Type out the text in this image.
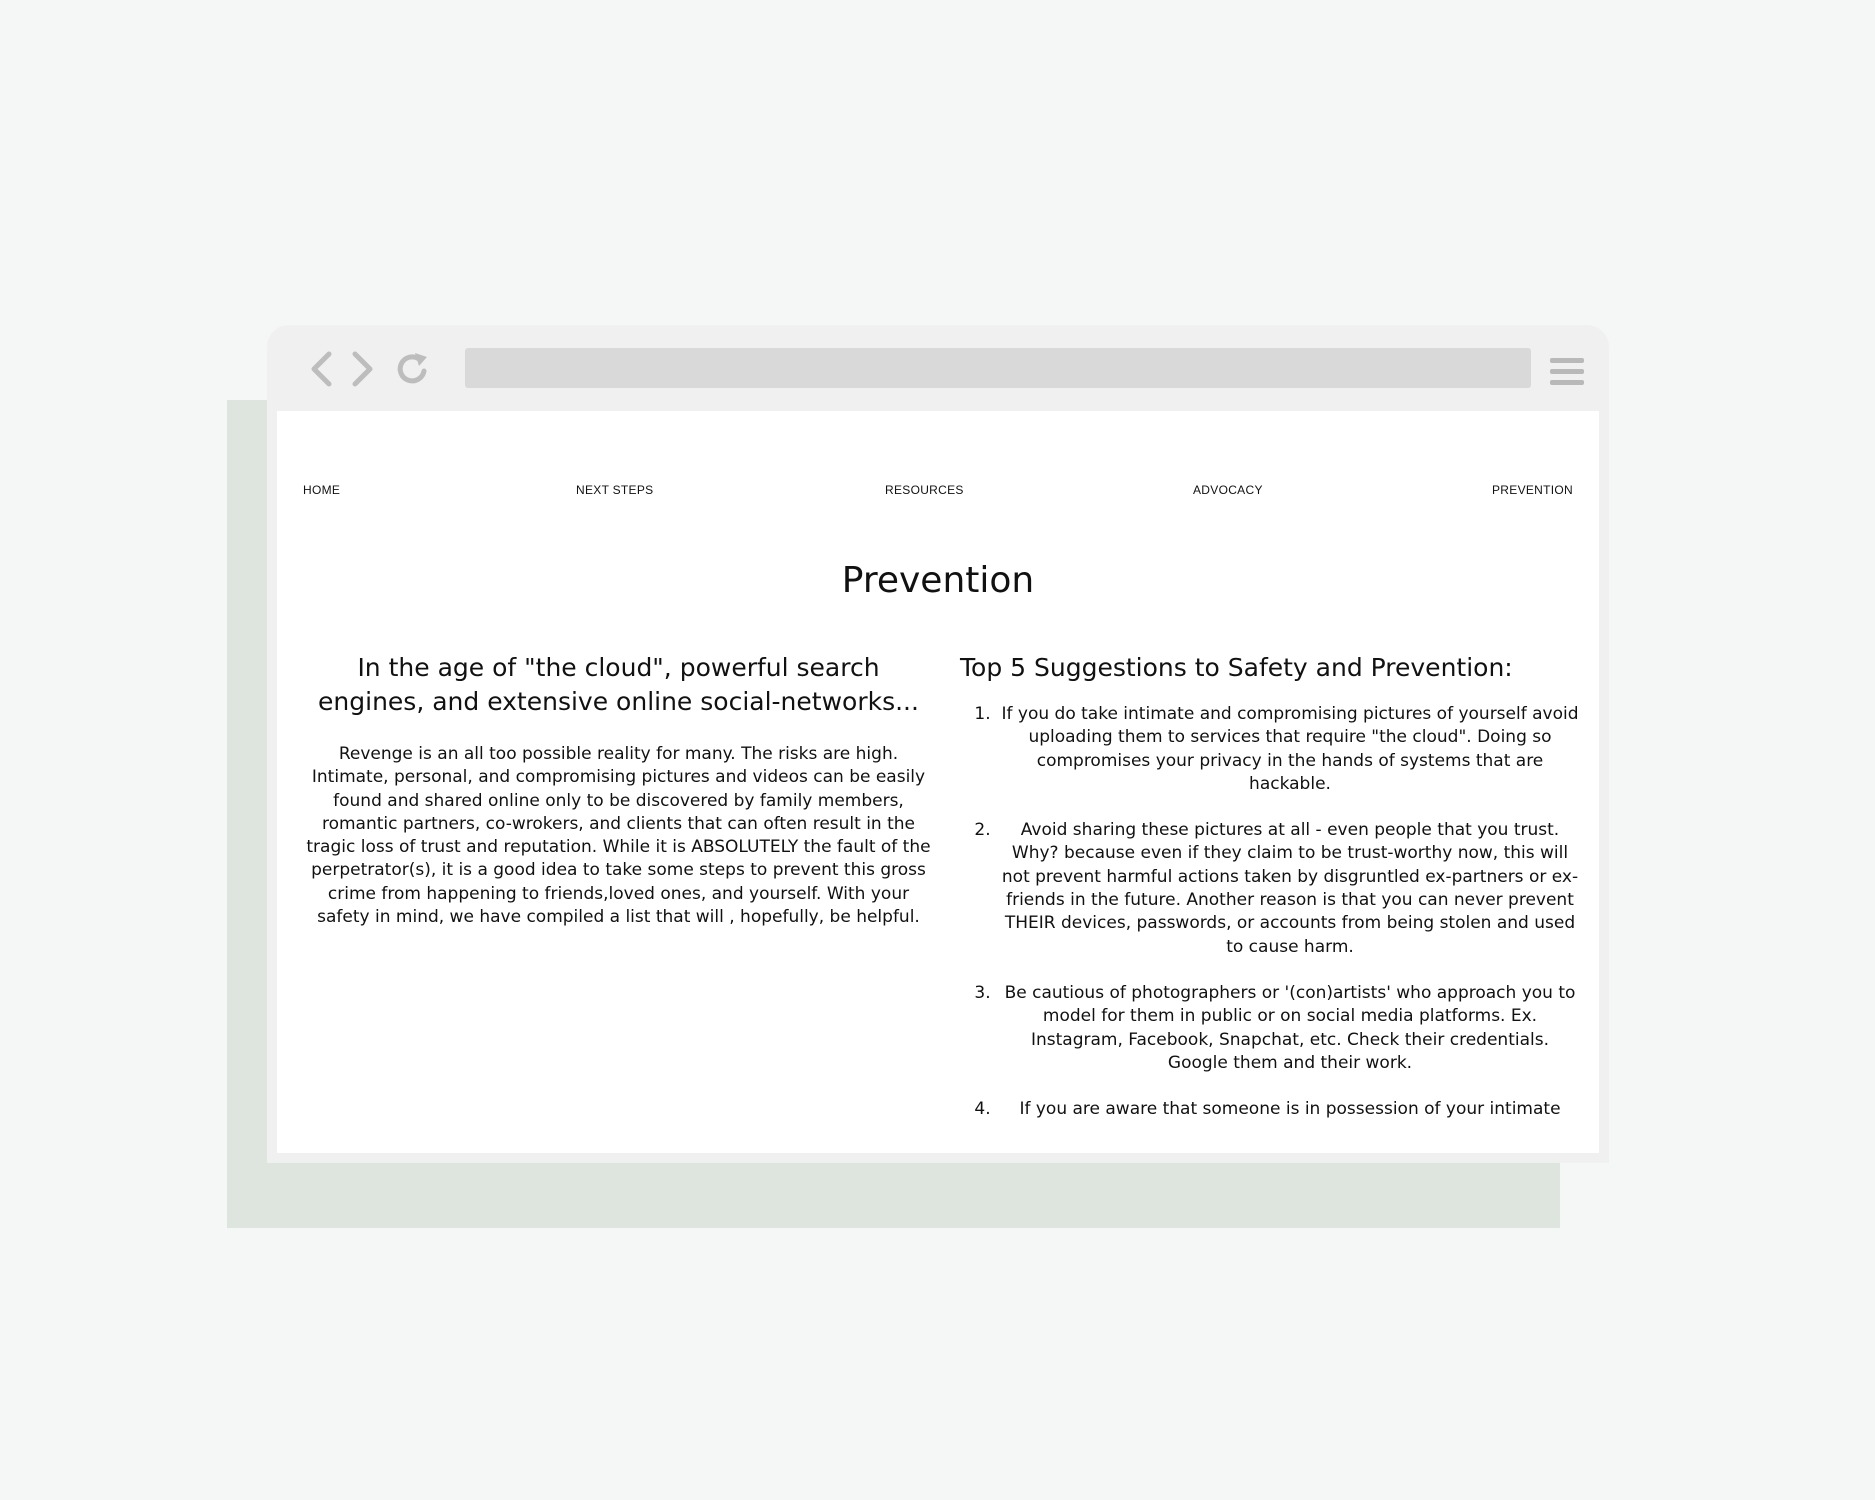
HOME	NEXT STEPS	RESOURCES	ADVOCACY	PREVENTION
Prevention
In the age of "the cloud", powerful search engines, and extensive online social-networks...

Revenge is an all too possible reality for many. The risks are high. Intimate, personal, and compromising pictures and videos can be easily found and shared online only to be discovered by family members, romantic partners, co-wrokers, and clients that can often result in the tragic loss of trust and reputation. While it is ABSOLUTELY the fault of the perpetrator(s), it is a good idea to take some steps to prevent this gross crime from happening to friends,loved ones, and yourself. With your safety in mind, we have compiled a list that will , hopefully, be helpful.

Top 5 Suggestions to Safety and Prevention:
1. If you do take intimate and compromising pictures of yourself avoid uploading them to services that require "the cloud". Doing so compromises your privacy in the hands of systems that are hackable.
2. Avoid sharing these pictures at all - even people that you trust. Why? because even if they claim to be trust-worthy now, this will not prevent harmful actions taken by disgruntled ex-partners or ex-friends in the future. Another reason is that you can never prevent THEIR devices, passwords, or accounts from being stolen and used to cause harm.
3. Be cautious of photographers or '(con)artists' who approach you to model for them in public or on social media platforms. Ex. Instagram, Facebook, Snapchat, etc. Check their credentials. Google them and their work.
4. If you are aware that someone is in possession of your intimate
